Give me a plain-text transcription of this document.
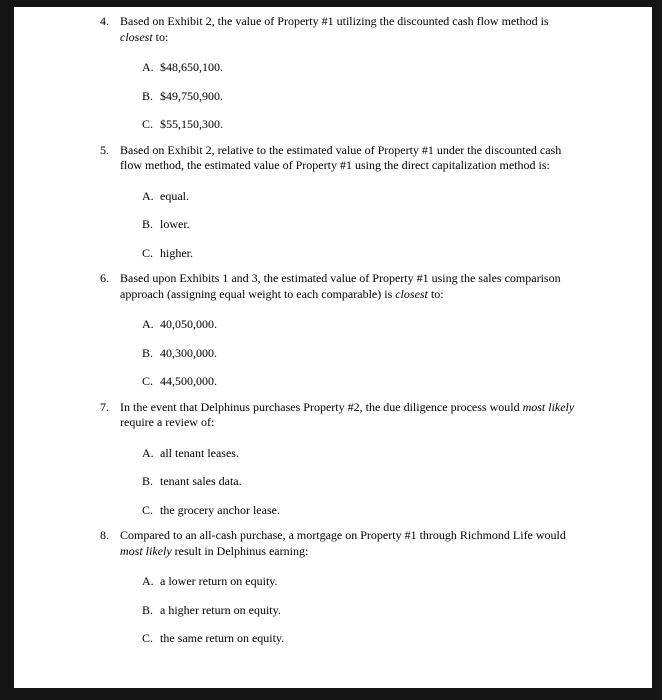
4. Based on Exhibit 2, the value of Property #1 utilizing the discounted cash flow method is closest to:
A. $48,650,100.
B. $49,750,900.
C. $55,150,300.
5. Based on Exhibit 2, relative to the estimated value of Property #1 under the discounted cash flow method, the estimated value of Property #1 using the direct capitalization method is:
A. equal.
B. lower.
C. higher.
6. Based upon Exhibits 1 and 3, the estimated value of Property #1 using the sales comparison approach (assigning equal weight to each comparable) is closest to:
A. 40,050,000.
B. 40,300,000.
C. 44,500,000.
7. In the event that Delphinus purchases Property #2, the due diligence process would most likely require a review of:
A. all tenant leases.
B. tenant sales data.
C. the grocery anchor lease.
8. Compared to an all-cash purchase, a mortgage on Property #1 through Richmond Life would most likely result in Delphinus earning:
A. a lower return on equity.
B. a higher return on equity.
C. the same return on equity.
